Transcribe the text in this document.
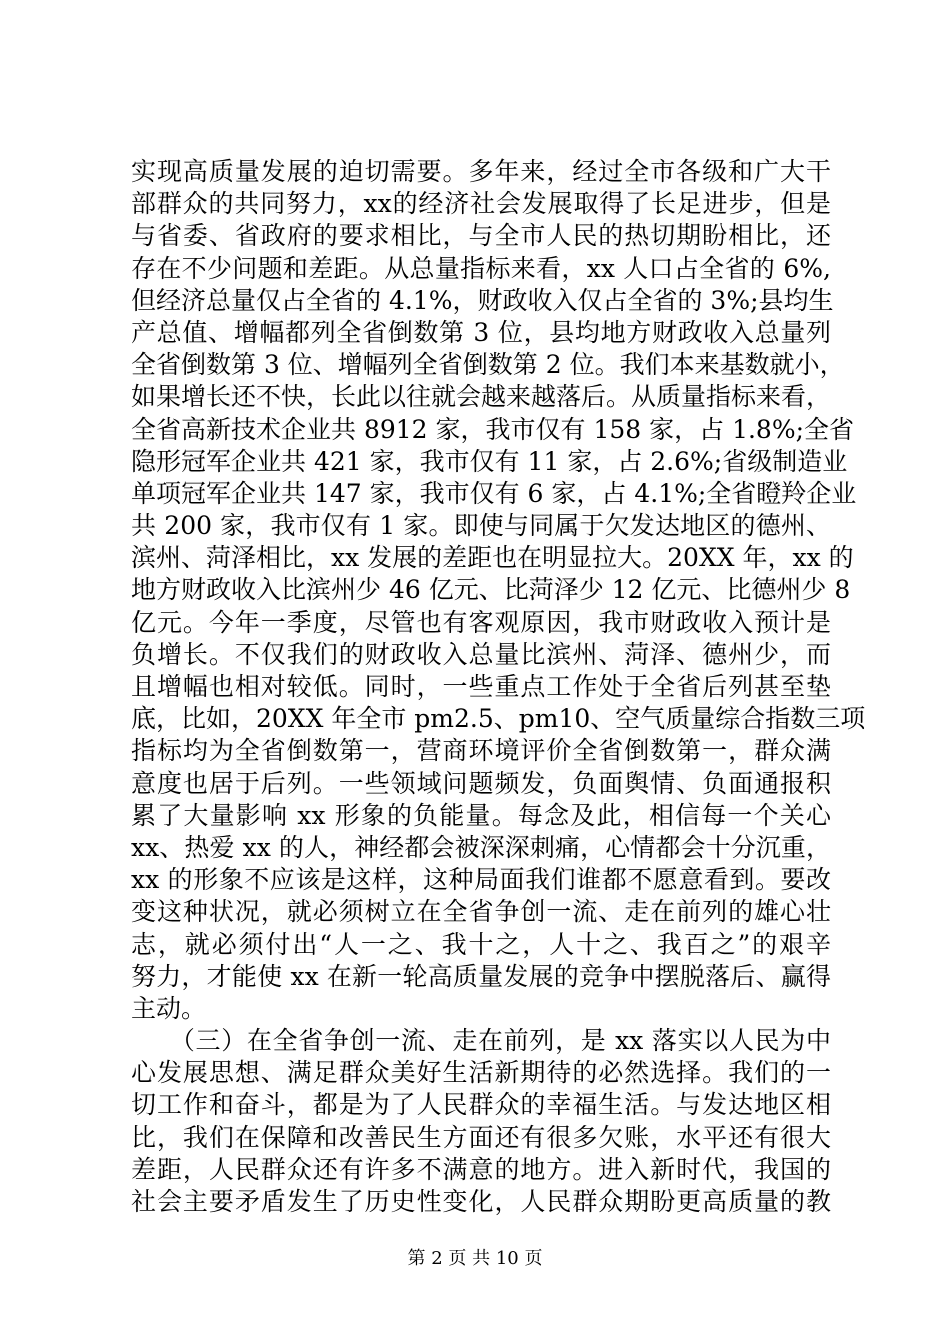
实现高质量发展的迫切需要。多年来，经过全市各级和广大干
部群众的共同努力，xx的经济社会发展取得了长足进步，但是
与省委、省政府的要求相比，与全市人民的热切期盼相比，还
存在不少问题和差距。从总量指标来看，xx 人口占全省的 6%,
但经济总量仅占全省的 4.1%，财政收入仅占全省的 3%;县均生
产总值、增幅都列全省倒数第 3 位，县均地方财政收入总量列
全省倒数第 3 位、增幅列全省倒数第 2 位。我们本来基数就小，
如果增长还不快，长此以往就会越来越落后。从质量指标来看，
全省高新技术企业共 8912 家，我市仅有 158 家，占 1.8%;全省
隐形冠军企业共 421 家，我市仅有 11 家，占 2.6%;省级制造业
单项冠军企业共 147 家，我市仅有 6 家，占 4.1%;全省瞪羚企业
共 200 家，我市仅有 1 家。即使与同属于欠发达地区的德州、
滨州、菏泽相比，xx 发展的差距也在明显拉大。20XX 年，xx 的
地方财政收入比滨州少 46 亿元、比菏泽少 12 亿元、比德州少 8
亿元。今年一季度，尽管也有客观原因，我市财政收入预计是
负增长。不仅我们的财政收入总量比滨州、菏泽、德州少，而
且增幅也相对较低。同时，一些重点工作处于全省后列甚至垫
底，比如，20XX 年全市 pm2.5、pm10、空气质量综合指数三项
指标均为全省倒数第一，营商环境评价全省倒数第一，群众满
意度也居于后列。一些领域问题频发，负面舆情、负面通报积
累了大量影响 xx 形象的负能量。每念及此，相信每一个关心
xx、热爱 xx 的人，神经都会被深深刺痛，心情都会十分沉重，
xx 的形象不应该是这样，这种局面我们谁都不愿意看到。要改
变这种状况，就必须树立在全省争创一流、走在前列的雄心壮
志，就必须付出“人一之、我十之，人十之、我百之”的艰辛
努力，才能使 xx 在新一轮高质量发展的竞争中摆脱落后、赢得
主动。
　　（三）在全省争创一流、走在前列，是 xx 落实以人民为中
心发展思想、满足群众美好生活新期待的必然选择。我们的一
切工作和奋斗，都是为了人民群众的幸福生活。与发达地区相
比，我们在保障和改善民生方面还有很多欠账，水平还有很大
差距，人民群众还有许多不满意的地方。进入新时代，我国的
社会主要矛盾发生了历史性变化，人民群众期盼更高质量的教
第 2 页 共 10 页
